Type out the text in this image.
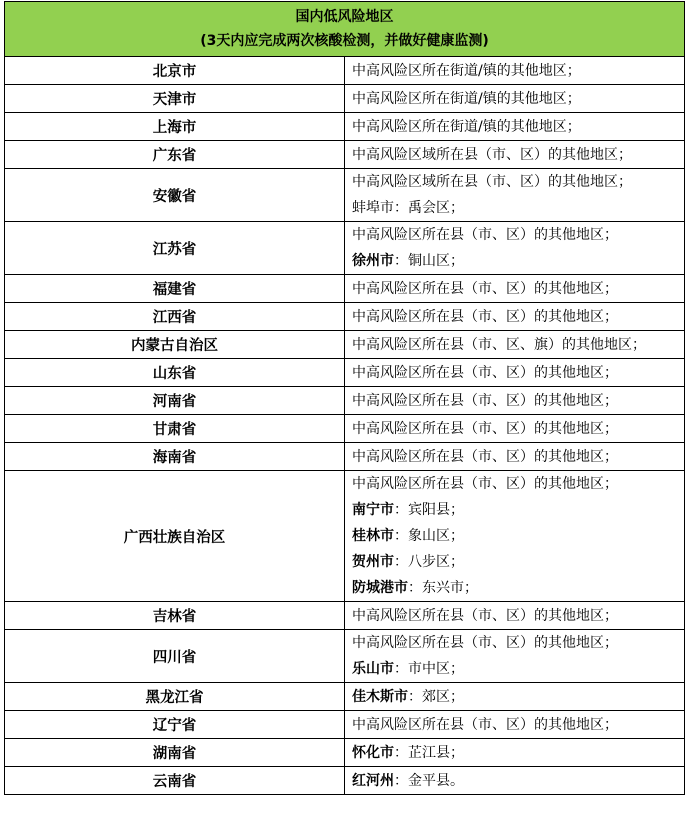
国内低风险地区
(3天内应完成两次核酸检测，并做好健康监测)	

北京市	中高风险区所在街道/镇的其他地区；

天津市	中高风险区所在街道/镇的其他地区；

上海市	中高风险区所在街道/镇的其他地区；

广东省	中高风险区域所在县（市、区）的其他地区；

安徽省	中高风险区域所在县（市、区）的其他地区；
蚌埠市：禹会区；

江苏省	中高风险区所在县（市、区）的其他地区；
徐州市：铜山区；

福建省	中高风险区所在县（市、区）的其他地区；

江西省	中高风险区所在县（市、区）的其他地区；

内蒙古自治区	中高风险区所在县（市、区、旗）的其他地区；

山东省	中高风险区所在县（市、区）的其他地区；

河南省	中高风险区所在县（市、区）的其他地区；

甘肃省	中高风险区所在县（市、区）的其他地区；

海南省	中高风险区所在县（市、区）的其他地区；

广西壮族自治区	中高风险区所在县（市、区）的其他地区；
南宁市：宾阳县；
桂林市：象山区；
贺州市：八步区；
防城港市：东兴市；

吉林省	中高风险区所在县（市、区）的其他地区；

四川省	中高风险区所在县（市、区）的其他地区；
乐山市：市中区；

黑龙江省	佳木斯市：郊区；

辽宁省	中高风险区所在县（市、区）的其他地区；

湖南省	怀化市：芷江县；

云南省	红河州：金平县。
